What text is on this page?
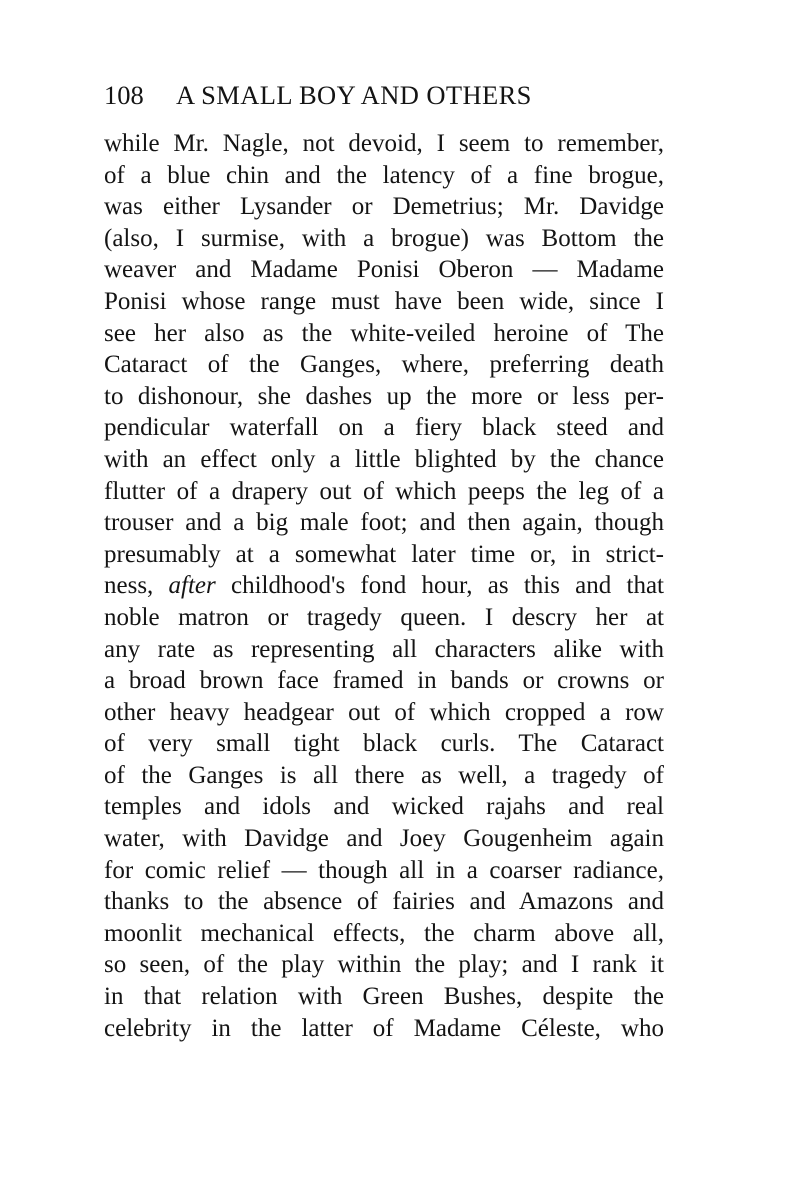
108 A SMALL BOY AND OTHERS
while Mr. Nagle, not devoid, I seem to remember,
of a blue chin and the latency of a fine brogue,
was either Lysander or Demetrius; Mr. Davidge
(also, I surmise, with a brogue) was Bottom the
weaver and Madame Ponisi Oberon — Madame
Ponisi whose range must have been wide, since I
see her also as the white-veiled heroine of The
Cataract of the Ganges, where, preferring death
to dishonour, she dashes up the more or less per-
pendicular waterfall on a fiery black steed and
with an effect only a little blighted by the chance
flutter of a drapery out of which peeps the leg of a
trouser and a big male foot; and then again, though
presumably at a somewhat later time or, in strict-
ness, after childhood's fond hour, as this and that
noble matron or tragedy queen. I descry her at
any rate as representing all characters alike with
a broad brown face framed in bands or crowns or
other heavy headgear out of which cropped a row
of very small tight black curls. The Cataract
of the Ganges is all there as well, a tragedy of
temples and idols and wicked rajahs and real
water, with Davidge and Joey Gougenheim again
for comic relief — though all in a coarser radiance,
thanks to the absence of fairies and Amazons and
moonlit mechanical effects, the charm above all,
so seen, of the play within the play; and I rank it
in that relation with Green Bushes, despite the
celebrity in the latter of Madame Céleste, who
